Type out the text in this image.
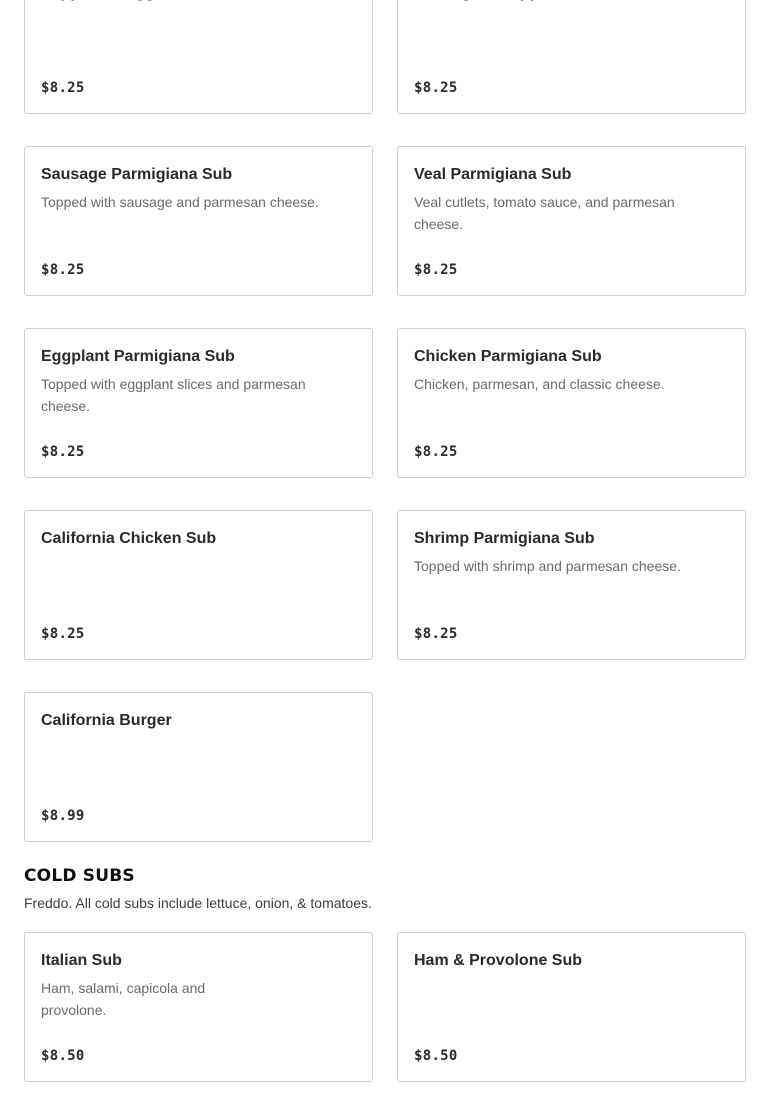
$8.25	$8.25
Sausage Parmigiana Sub
Topped with sausage and parmesan cheese.
$8.25
Veal Parmigiana Sub
Veal cutlets, tomato sauce, and parmesan cheese.
$8.25
Eggplant Parmigiana Sub
Topped with eggplant slices and parmesan cheese.
$8.25
Chicken Parmigiana Sub
Chicken, parmesan, and classic cheese.
$8.25
California Chicken Sub
$8.25
Shrimp Parmigiana Sub
Topped with shrimp and parmesan cheese.
$8.25
California Burger
$8.99
COLD SUBS
Freddo. All cold subs include lettuce, onion, & tomatoes.
Italian Sub
Ham, salami, capicola and provolone.
$8.50
Ham & Provolone Sub
$8.50
